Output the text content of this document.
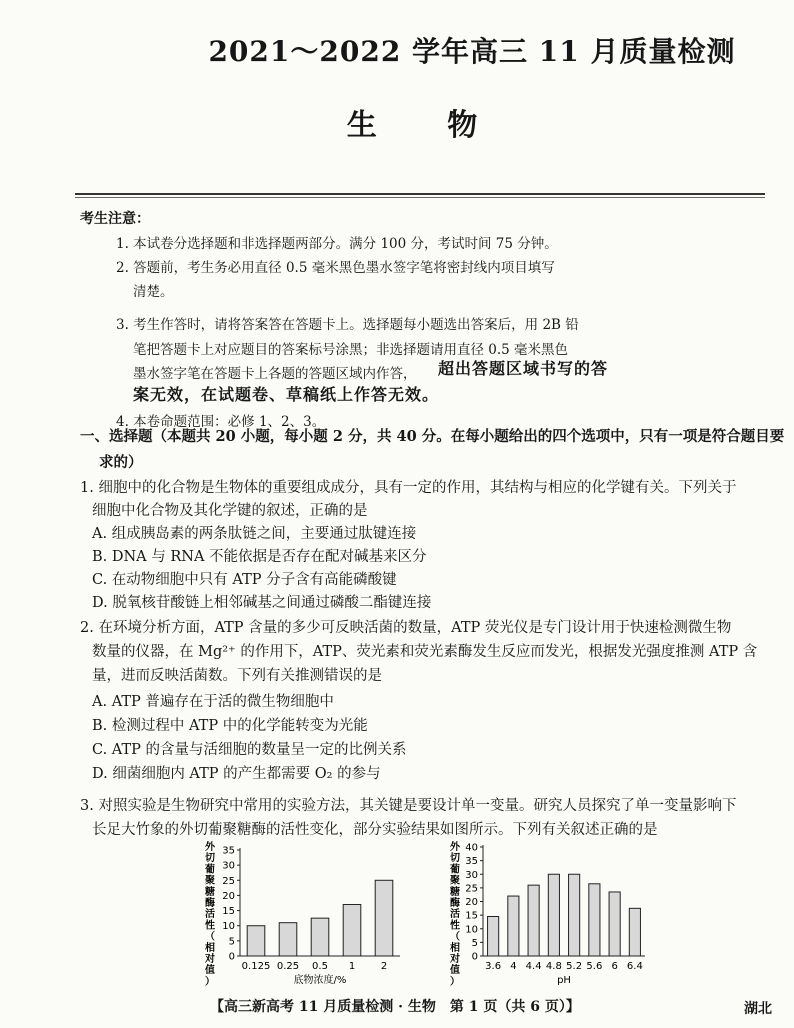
2021～2022 学年高三 11 月质量检测
生 物
考生注意：
1. 本试卷分选择题和非选择题两部分。满分 100 分，考试时间 75 分钟。
2. 答题前，考生务必用直径 0.5 毫米黑色墨水签字笔将密封线内项目填写
清楚。
3. 考生作答时，请将答案答在答题卡上。选择题每小题选出答案后，用 2B 铅
笔把答题卡上对应题目的答案标号涂黑；非选择题请用直径 0.5 毫米黑色
墨水签字笔在答题卡上各题的答题区域内作答， 超出答题区域书写的答
案无效，在试题卷、草稿纸上作答无效。
4. 本卷命题范围：必修 1、2、3。
一、选择题（本题共 20 小题，每小题 2 分，共 40 分。在每小题给出的四个选项中，只有一项是符合题目要
求的）
1. 细胞中的化合物是生物体的重要组成成分，具有一定的作用，其结构与相应的化学键有关。下列关于
细胞中化合物及其化学键的叙述，正确的是
A. 组成胰岛素的两条肽链之间，主要通过肽键连接
B. DNA 与 RNA 不能依据是否存在配对碱基来区分
C. 在动物细胞中只有 ATP 分子含有高能磷酸键
D. 脱氧核苷酸链上相邻碱基之间通过磷酸二酯键连接
2. 在环境分析方面，ATP 含量的多少可反映活菌的数量，ATP 荧光仪是专门设计用于快速检测微生物
数量的仪器，在 Mg²⁺ 的作用下，ATP、荧光素和荧光素酶发生反应而发光，根据发光强度推测 ATP 含
量，进而反映活菌数。下列有关推测错误的是
A. ATP 普遍存在于活的微生物细胞中
B. 检测过程中 ATP 中的化学能转变为光能
C. ATP 的含量与活细胞的数量呈一定的比例关系
D. 细菌细胞内 ATP 的产生都需要 O₂ 的参与
3. 对照实验是生物研究中常用的实验方法，其关键是要设计单一变量。研究人员探究了单一变量影响下
长足大竹象的外切葡聚糖酶的活性变化，部分实验结果如图所示。下列有关叙述正确的是
外
切
葡
聚
糖
酶
活
性
（
相
对
值
）
0
5
10
15
20
25
30
35
0.125 0.25 0.5 1	2
底物浓度/%
外
切
葡
聚
糖
酶
活
性
（
相
对
值
）
0
5
10
15
20
25
30
35
40
3.6 4 4.4 4.8 5.2 5.6 6 6.4
pH
【高三新高考 11 月质量检测 · 生物　第 1 页（共 6 页）】	湖北
